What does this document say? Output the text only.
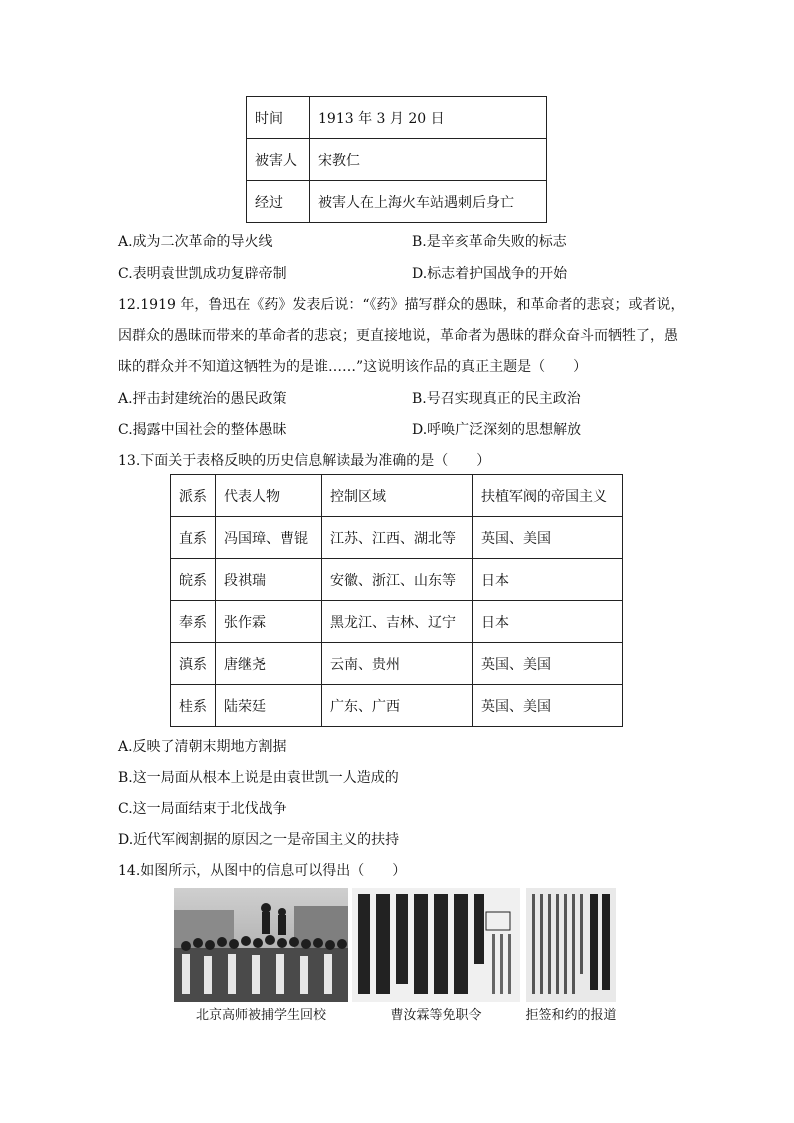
时间	1913 年 3 月 20 日
被害人	宋教仁
经过	被害人在上海火车站遇刺后身亡
A.成为二次革命的导火线	B.是辛亥革命失败的标志
C.表明袁世凯成功复辟帝制	D.标志着护国战争的开始
12.1919 年，鲁迅在《药》发表后说：“《药》描写群众的愚昧，和革命者的悲哀；或者说，
因群众的愚昧而带来的革命者的悲哀；更直接地说，革命者为愚昧的群众奋斗而牺牲了，愚
昧的群众并不知道这牺牲为的是谁……”这说明该作品的真正主题是（　　）
A.抨击封建统治的愚民政策	B.号召实现真正的民主政治
C.揭露中国社会的整体愚昧	D.呼唤广泛深刻的思想解放
13.下面关于表格反映的历史信息解读最为准确的是（　　）
派系	代表人物	控制区域	扶植军阀的帝国主义
直系	冯国璋、曹锟	江苏、江西、湖北等	英国、美国
皖系	段祺瑞	安徽、浙江、山东等	日本
奉系	张作霖	黑龙江、吉林、辽宁	日本
滇系	唐继尧	云南、贵州	英国、美国
桂系	陆荣廷	广东、广西	英国、美国
A.反映了清朝末期地方割据
B.这一局面从根本上说是由袁世凯一人造成的
C.这一局面结束于北伐战争
D.近代军阀割据的原因之一是帝国主义的扶持
14.如图所示，从图中的信息可以得出（　　）
北京高师被捕学生回校	曹汝霖等免职令	拒签和约的报道
